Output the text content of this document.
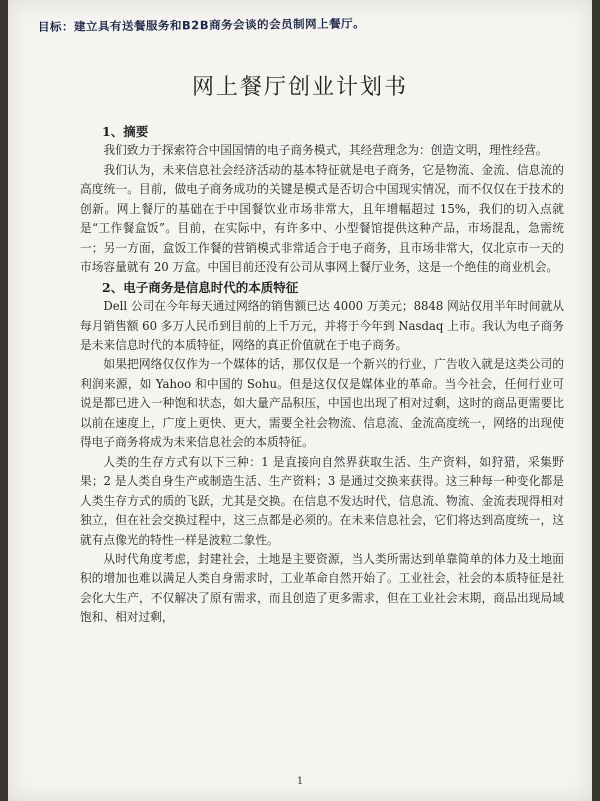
目标：建立具有送餐服务和B2B商务会谈的会员制网上餐厅。
网上餐厅创业计划书
1、摘要

我们致力于探索符合中国国情的电子商务模式，其经营理念为：创造文明，理性经营。

我们认为，未来信息社会经济活动的基本特征就是电子商务，它是物流、金流、信息流的高度统一。目前，做电子商务成功的关键是模式是否切合中国现实情况，而不仅仅在于技术的创新。网上餐厅的基础在于中国餐饮业市场非常大，且年增幅超过 15%，我们的切入点就是“工作餐盒饭”。目前，在实际中，有许多中、小型餐馆提供这种产品，市场混乱，急需统一；另一方面，盒饭工作餐的营销模式非常适合于电子商务，且市场非常大，仅北京市一天的市场容量就有 20 万盒。中国目前还没有公司从事网上餐厅业务，这是一个绝佳的商业机会。

2、电子商务是信息时代的本质特征

Dell 公司在今年每天通过网络的销售额已达 4000 万美元；8848 网站仅用半年时间就从每月销售额 60 多万人民币到目前的上千万元，并将于今年到 Nasdaq 上市。我认为电子商务是未来信息时代的本质特征，网络的真正价值就在于电子商务。

如果把网络仅仅作为一个媒体的话，那仅仅是一个新兴的行业，广告收入就是这类公司的利润来源，如 Yahoo 和中国的 Sohu。但是这仅仅是媒体业的革命。当今社会，任何行业可说是都已进入一种饱和状态，如大量产品积压，中国也出现了相对过剩，这时的商品更需要比以前在速度上，广度上更快、更大，需要全社会物流、信息流、金流高度统一，网络的出现使得电子商务将成为未来信息社会的本质特征。

人类的生存方式有以下三种：1 是直接向自然界获取生活、生产资料，如狩猎，采集野果；2 是人类自身生产或制造生活、生产资料；3 是通过交换来获得。这三种每一种变化都是人类生存方式的质的飞跃，尤其是交换。在信息不发达时代，信息流、物流、金流表现得相对独立，但在社会交换过程中，这三点都是必须的。在未来信息社会，它们将达到高度统一，这就有点像光的特性一样是波粒二象性。

从时代角度考虑，封建社会，土地是主要资源，当人类所需达到单靠简单的体力及土地面积的增加也难以满足人类自身需求时，工业革命自然开始了。工业社会，社会的本质特征是社会化大生产，不仅解决了原有需求，而且创造了更多需求，但在工业社会末期，商品出现局域饱和、相对过剩，

1
